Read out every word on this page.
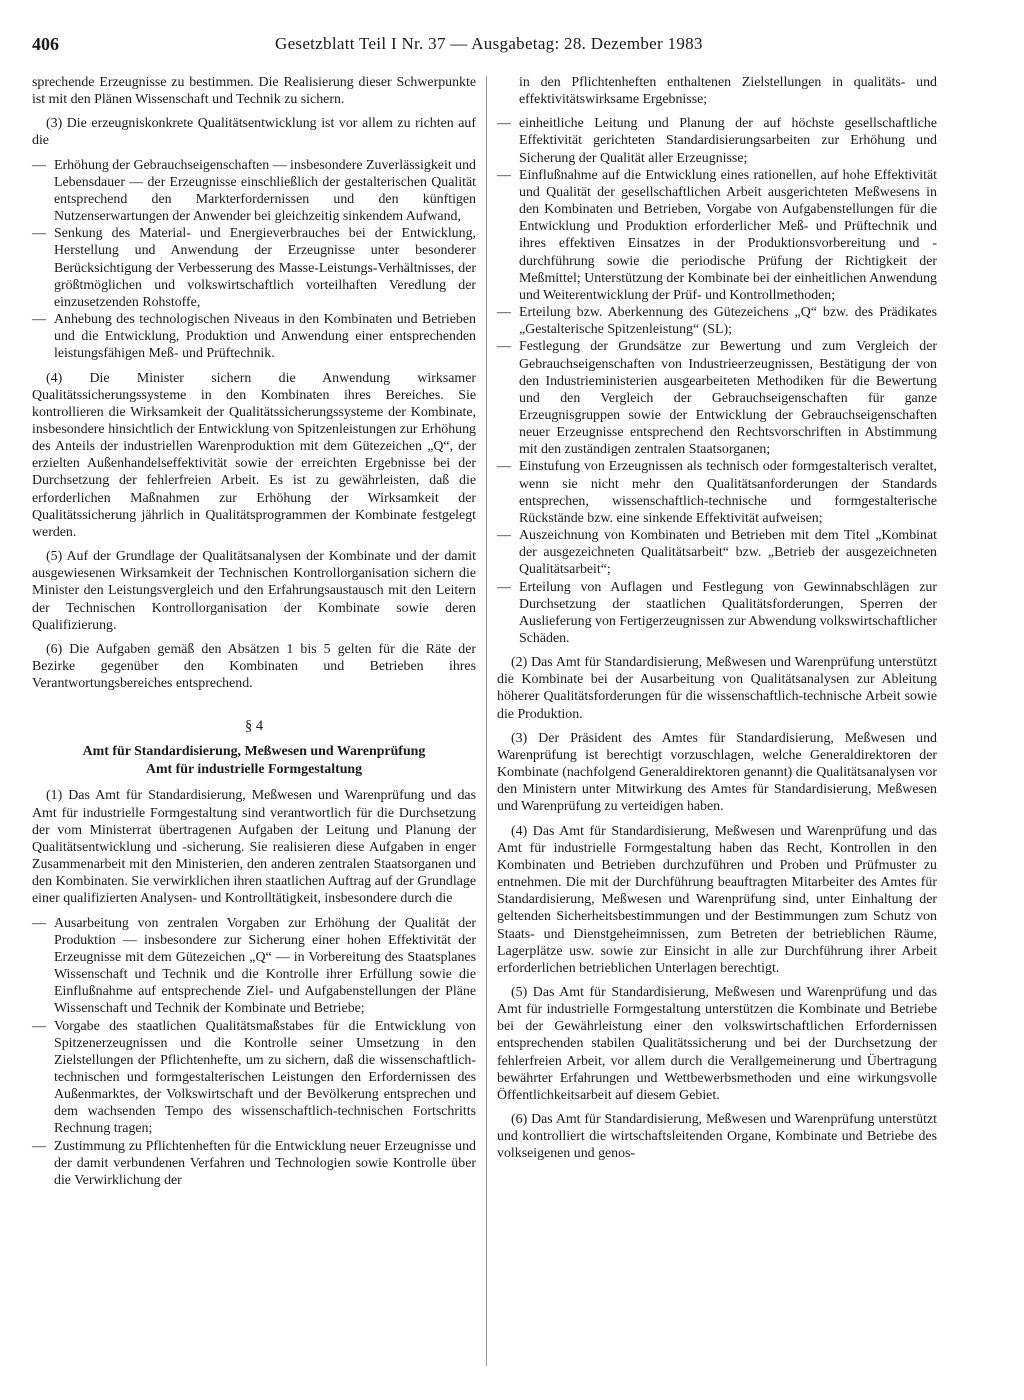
406	Gesetzblatt Teil I Nr. 37 — Ausgabetag: 28. Dezember 1983

sprechende Erzeugnisse zu bestimmen. Die Realisierung dieser Schwerpunkte ist mit den Plänen Wissenschaft und Technik zu sichern.

(3) Die erzeugniskonkrete Qualitätsentwicklung ist vor allem zu richten auf die

— Erhöhung der Gebrauchseigenschaften — insbesondere Zuverlässigkeit und Lebensdauer — der Erzeugnisse einschließlich der gestalterischen Qualität entsprechend den Markterfordernissen und den künftigen Nutzenserwartungen der Anwender bei gleichzeitig sinkendem Aufwand,
— Senkung des Material- und Energieverbrauches bei der Entwicklung, Herstellung und Anwendung der Erzeugnisse unter besonderer Berücksichtigung der Verbesserung des Masse-Leistungs-Verhältnisses, der größtmöglichen und volkswirtschaftlich vorteilhaften Veredlung der einzusetzenden Rohstoffe,
— Anhebung des technologischen Niveaus in den Kombinaten und Betrieben und die Entwicklung, Produktion und Anwendung einer entsprechenden leistungsfähigen Meß- und Prüftechnik.

(4) Die Minister sichern die Anwendung wirksamer Qualitätssicherungssysteme in den Kombinaten ihres Bereiches. Sie kontrollieren die Wirksamkeit der Qualitätssicherungssysteme der Kombinate, insbesondere hinsichtlich der Entwicklung von Spitzenleistungen zur Erhöhung des Anteils der industriellen Warenproduktion mit dem Gütezeichen „Q“, der erzielten Außenhandelseffektivität sowie der erreichten Ergebnisse bei der Durchsetzung der fehlerfreien Arbeit. Es ist zu gewährleisten, daß die erforderlichen Maßnahmen zur Erhöhung der Wirksamkeit der Qualitätssicherung jährlich in Qualitätsprogrammen der Kombinate festgelegt werden.

(5) Auf der Grundlage der Qualitätsanalysen der Kombinate und der damit ausgewiesenen Wirksamkeit der Technischen Kontrollorganisation sichern die Minister den Leistungsvergleich und den Erfahrungsaustausch mit den Leitern der Technischen Kontrollorganisation der Kombinate sowie deren Qualifizierung.

(6) Die Aufgaben gemäß den Absätzen 1 bis 5 gelten für die Räte der Bezirke gegenüber den Kombinaten und Betrieben ihres Verantwortungsbereiches entsprechend.

§ 4
Amt für Standardisierung, Meßwesen und Warenprüfung
Amt für industrielle Formgestaltung

(1) Das Amt für Standardisierung, Meßwesen und Warenprüfung und das Amt für industrielle Formgestaltung sind verantwortlich für die Durchsetzung der vom Ministerrat übertragenen Aufgaben der Leitung und Planung der Qualitätsentwicklung und -sicherung. Sie realisieren diese Aufgaben in enger Zusammenarbeit mit den Ministerien, den anderen zentralen Staatsorganen und den Kombinaten. Sie verwirklichen ihren staatlichen Auftrag auf der Grundlage einer qualifizierten Analysen- und Kontrolltätigkeit, insbesondere durch die

— Ausarbeitung von zentralen Vorgaben zur Erhöhung der Qualität der Produktion — insbesondere zur Sicherung einer hohen Effektivität der Erzeugnisse mit dem Gütezeichen „Q“ — in Vorbereitung des Staatsplanes Wissenschaft und Technik und die Kontrolle ihrer Erfüllung sowie die Einflußnahme auf entsprechende Ziel- und Aufgabenstellungen der Pläne Wissenschaft und Technik der Kombinate und Betriebe;
— Vorgabe des staatlichen Qualitätsmaßstabes für die Entwicklung von Spitzenerzeugnissen und die Kontrolle seiner Umsetzung in den Zielstellungen der Pflichtenhefte, um zu sichern, daß die wissenschaftlich-technischen und formgestalterischen Leistungen den Erfordernissen des Außenmarktes, der Volkswirtschaft und der Bevölkerung entsprechen und dem wachsenden Tempo des wissenschaftlich-technischen Fortschritts Rechnung tragen;
— Zustimmung zu Pflichtenheften für die Entwicklung neuer Erzeugnisse und der damit verbundenen Verfahren und Technologien sowie Kontrolle über die Verwirklichung der

in den Pflichtenheften enthaltenen Zielstellungen in qualitäts- und effektivitätswirksame Ergebnisse;

— einheitliche Leitung und Planung der auf höchste gesellschaftliche Effektivität gerichteten Standardisierungsarbeiten zur Erhöhung und Sicherung der Qualität aller Erzeugnisse;
— Einflußnahme auf die Entwicklung eines rationellen, auf hohe Effektivität und Qualität der gesellschaftlichen Arbeit ausgerichteten Meßwesens in den Kombinaten und Betrieben, Vorgabe von Aufgabenstellungen für die Entwicklung und Produktion erforderlicher Meß- und Prüftechnik und ihres effektiven Einsatzes in der Produktionsvorbereitung und -durchführung sowie die periodische Prüfung der Richtigkeit der Meßmittel; Unterstützung der Kombinate bei der einheitlichen Anwendung und Weiterentwicklung der Prüf- und Kontrollmethoden;
— Erteilung bzw. Aberkennung des Gütezeichens „Q“ bzw. des Prädikates „Gestalterische Spitzenleistung“ (SL);
— Festlegung der Grundsätze zur Bewertung und zum Vergleich der Gebrauchseigenschaften von Industrieerzeugnissen, Bestätigung der von den Industrieministerien ausgearbeiteten Methodiken für die Bewertung und den Vergleich der Gebrauchseigenschaften für ganze Erzeugnisgruppen sowie der Entwicklung der Gebrauchseigenschaften neuer Erzeugnisse entsprechend den Rechtsvorschriften in Abstimmung mit den zuständigen zentralen Staatsorganen;
— Einstufung von Erzeugnissen als technisch oder formgestalterisch veraltet, wenn sie nicht mehr den Qualitätsanforderungen der Standards entsprechen, wissenschaftlich-technische und formgestalterische Rückstände bzw. eine sinkende Effektivität aufweisen;
— Auszeichnung von Kombinaten und Betrieben mit dem Titel „Kombinat der ausgezeichneten Qualitätsarbeit“ bzw. „Betrieb der ausgezeichneten Qualitätsarbeit“;
— Erteilung von Auflagen und Festlegung von Gewinnabschlägen zur Durchsetzung der staatlichen Qualitätsforderungen, Sperren der Auslieferung von Fertigerzeugnissen zur Abwendung volkswirtschaftlicher Schäden.

(2) Das Amt für Standardisierung, Meßwesen und Warenprüfung unterstützt die Kombinate bei der Ausarbeitung von Qualitätsanalysen zur Ableitung höherer Qualitätsforderungen für die wissenschaftlich-technische Arbeit sowie die Produktion.

(3) Der Präsident des Amtes für Standardisierung, Meßwesen und Warenprüfung ist berechtigt vorzuschlagen, welche Generaldirektoren der Kombinate (nachfolgend Generaldirektoren genannt) die Qualitätsanalysen vor den Ministern unter Mitwirkung des Amtes für Standardisierung, Meßwesen und Warenprüfung zu verteidigen haben.

(4) Das Amt für Standardisierung, Meßwesen und Warenprüfung und das Amt für industrielle Formgestaltung haben das Recht, Kontrollen in den Kombinaten und Betrieben durchzuführen und Proben und Prüfmuster zu entnehmen. Die mit der Durchführung beauftragten Mitarbeiter des Amtes für Standardisierung, Meßwesen und Warenprüfung sind, unter Einhaltung der geltenden Sicherheitsbestimmungen und der Bestimmungen zum Schutz von Staats- und Dienstgeheimnissen, zum Betreten der betrieblichen Räume, Lagerplätze usw. sowie zur Einsicht in alle zur Durchführung ihrer Arbeit erforderlichen betrieblichen Unterlagen berechtigt.

(5) Das Amt für Standardisierung, Meßwesen und Warenprüfung und das Amt für industrielle Formgestaltung unterstützen die Kombinate und Betriebe bei der Gewährleistung einer den volkswirtschaftlichen Erfordernissen entsprechenden stabilen Qualitätssicherung und bei der Durchsetzung der fehlerfreien Arbeit, vor allem durch die Verallgemeinerung und Übertragung bewährter Erfahrungen und Wettbewerbsmethoden und eine wirkungsvolle Öffentlichkeitsarbeit auf diesem Gebiet.

(6) Das Amt für Standardisierung, Meßwesen und Warenprüfung unterstützt und kontrolliert die wirtschaftsleitenden Organe, Kombinate und Betriebe des volkseigenen und genos-
